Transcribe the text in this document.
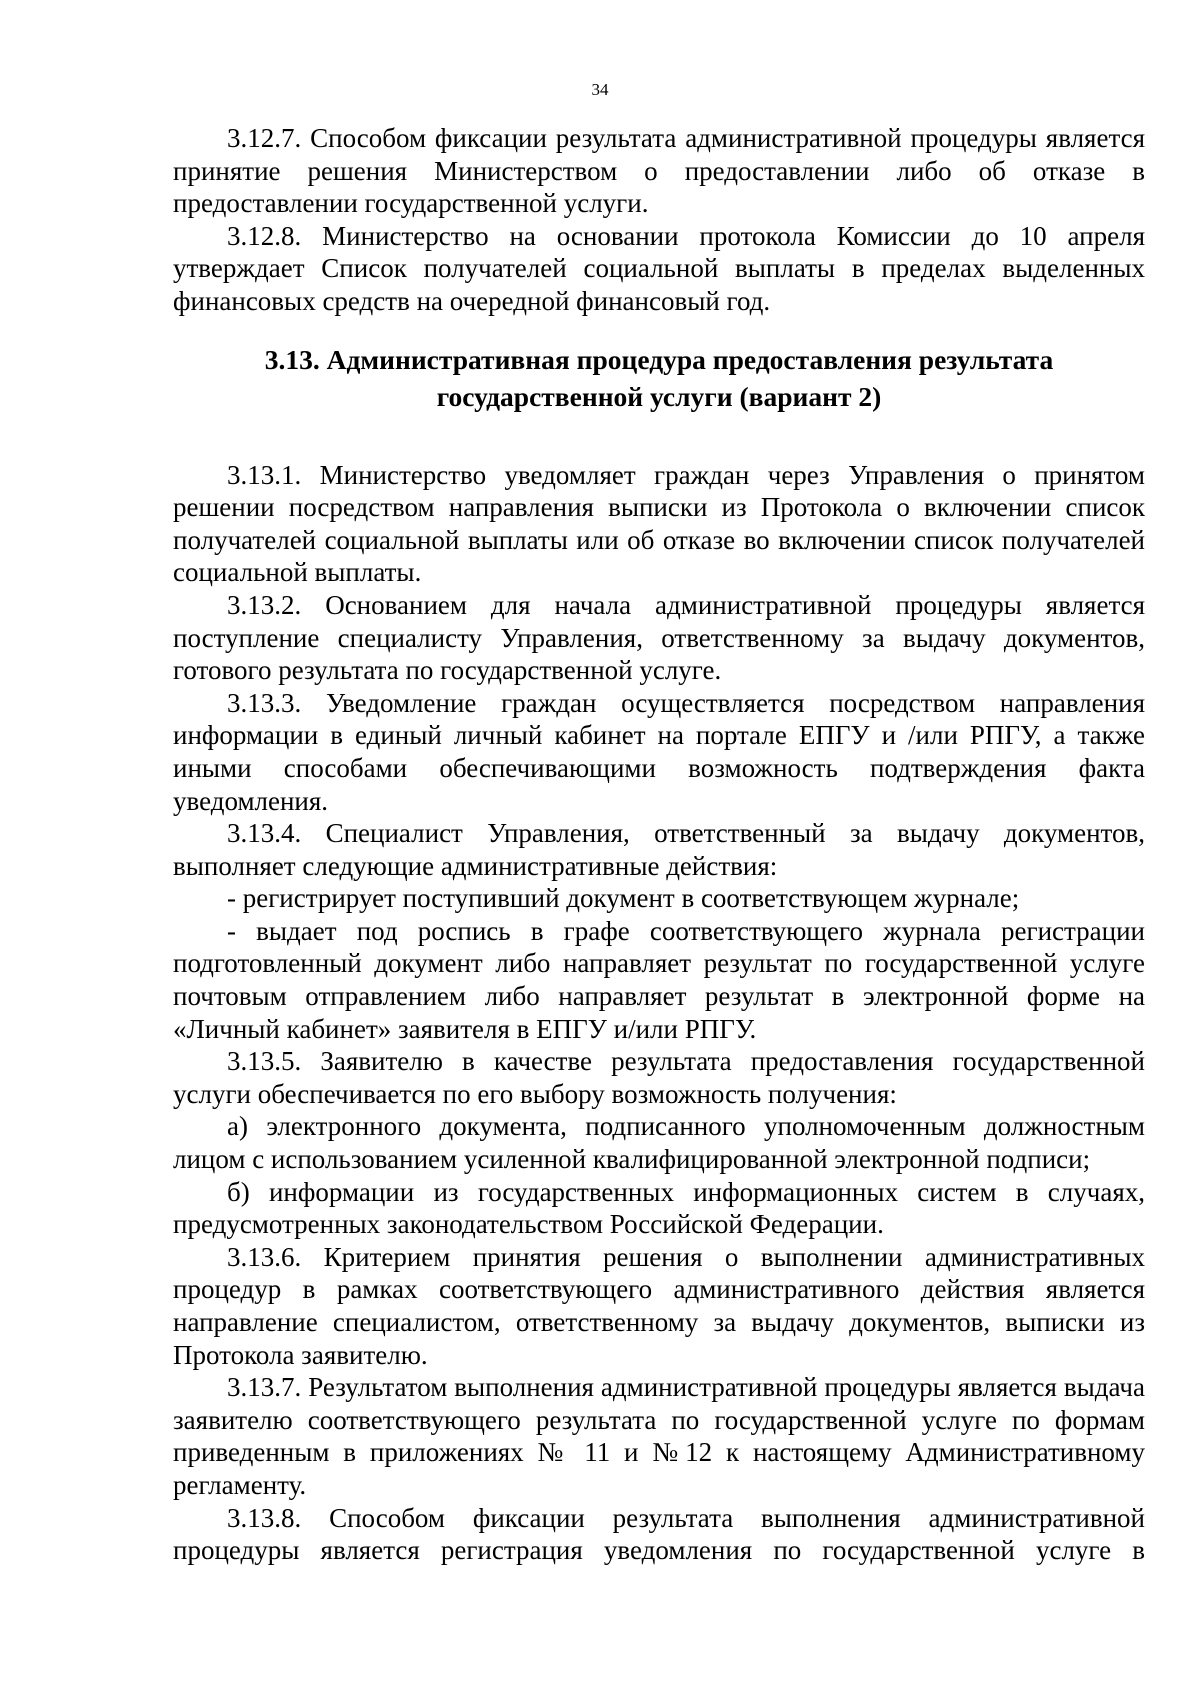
34

3.12.7. Способом фиксации результата административной процедуры является принятие решения Министерством о предоставлении либо об отказе в предоставлении государственной услуги.

3.12.8. Министерство на основании протокола Комиссии до 10 апреля утверждает Список получателей социальной выплаты в пределах выделенных финансовых средств на очередной финансовый год.

3.13. Административная процедура предоставления результата
государственной услуги (вариант 2)

3.13.1. Министерство уведомляет граждан через Управления о принятом решении посредством направления выписки из Протокола о включении список получателей социальной выплаты или об отказе во включении список получателей социальной выплаты.

3.13.2. Основанием для начала административной процедуры является поступление специалисту Управления, ответственному за выдачу документов, готового результата по государственной услуге.

3.13.3. Уведомление граждан осуществляется посредством направления информации в единый личный кабинет на портале ЕПГУ и /или РПГУ, а также иными способами обеспечивающими возможность подтверждения факта уведомления.

3.13.4. Специалист Управления, ответственный за выдачу документов, выполняет следующие административные действия:

- регистрирует поступивший документ в соответствующем журнале;

- выдает под роспись в графе соответствующего журнала регистрации подготовленный документ либо направляет результат по государственной услуге почтовым отправлением либо направляет результат в электронной форме на «Личный кабинет» заявителя в ЕПГУ и/или РПГУ.

3.13.5. Заявителю в качестве результата предоставления государственной услуги обеспечивается по его выбору возможность получения:

а) электронного документа, подписанного уполномоченным должностным лицом с использованием усиленной квалифицированной электронной подписи;

б) информации из государственных информационных систем в случаях, предусмотренных законодательством Российской Федерации.

3.13.6. Критерием принятия решения о выполнении административных процедур в рамках соответствующего административного действия является направление специалистом, ответственному за выдачу документов, выписки из Протокола заявителю.

3.13.7. Результатом выполнения административной процедуры является выдача заявителю соответствующего результата по государственной услуге по формам приведенным в приложениях № 11 и №12 к настоящему Административному регламенту.

3.13.8. Способом фиксации результата выполнения административной процедуры является регистрация уведомления по государственной услуге в
